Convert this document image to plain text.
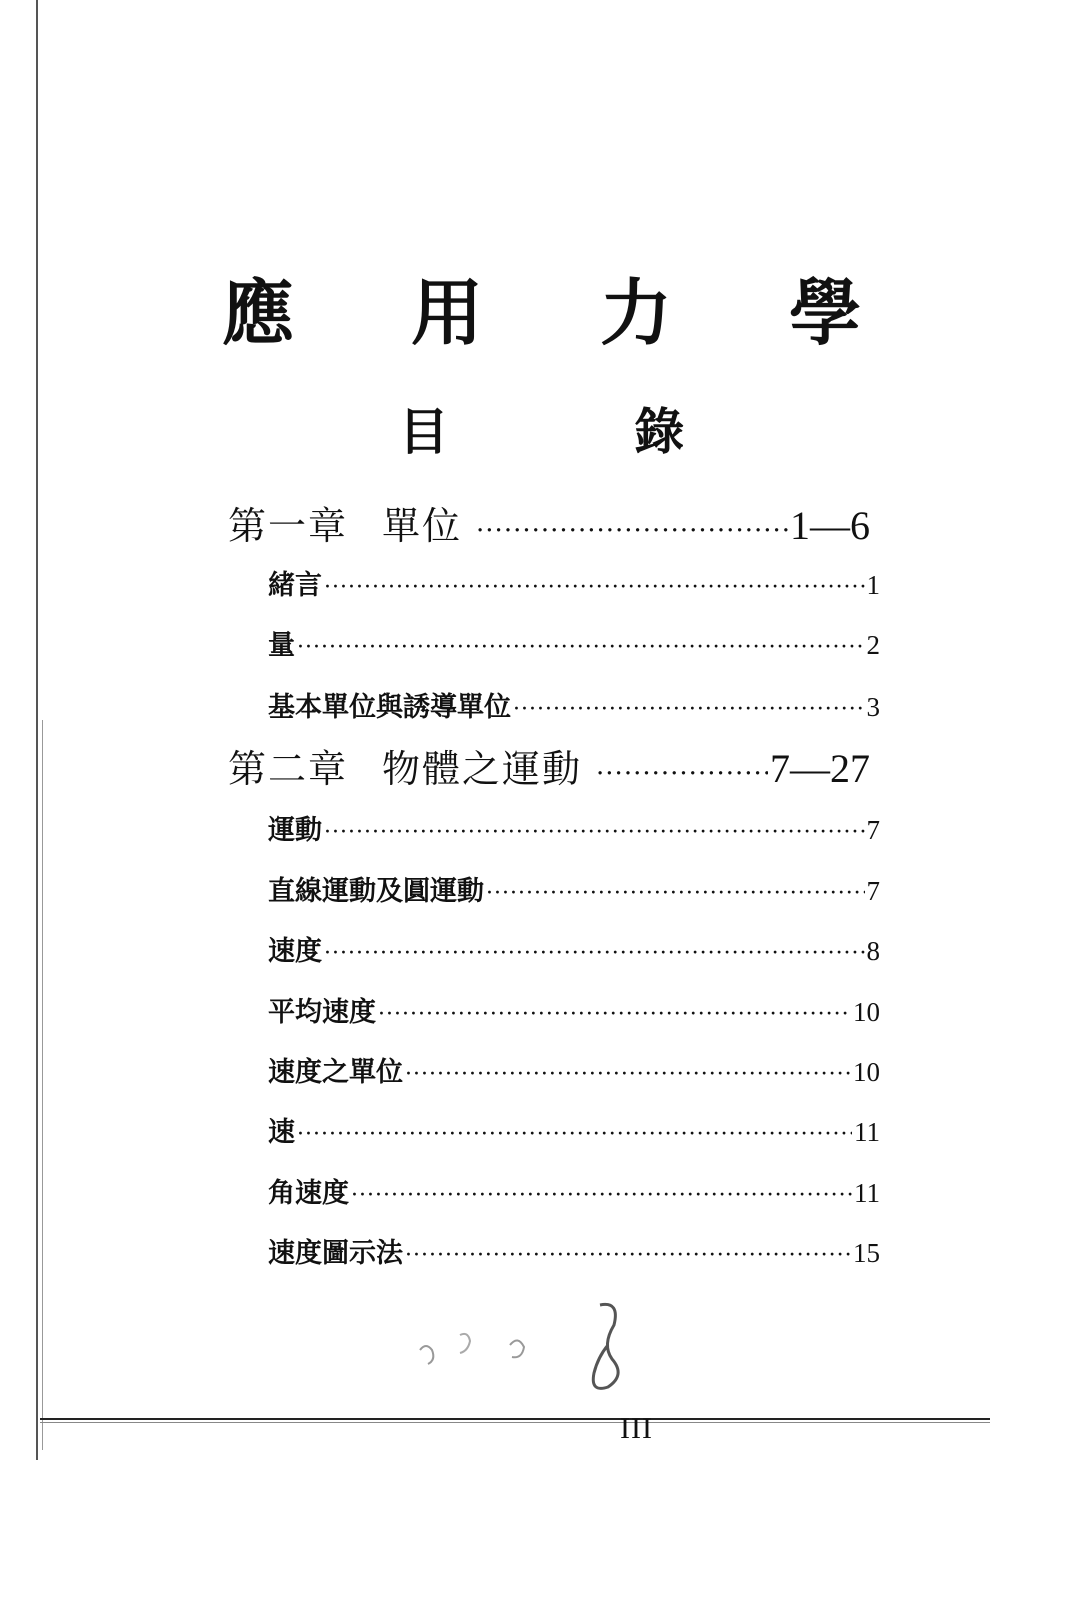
應 用 力 學
目 錄
第一章 單位 ·····	1—6
緒言 ·····	1
量 ·····	2
基本單位與誘導單位 ·····	3
第二章 物體之運動 ·····	7—27
運動 ·····	7
直線運動及圓運動 ·····	7
速度 ·····	8
平均速度 ·····	10
速度之單位 ·····	10
速 ·····	11
角速度 ·····	11
速度圖示法 ·····	15
III
